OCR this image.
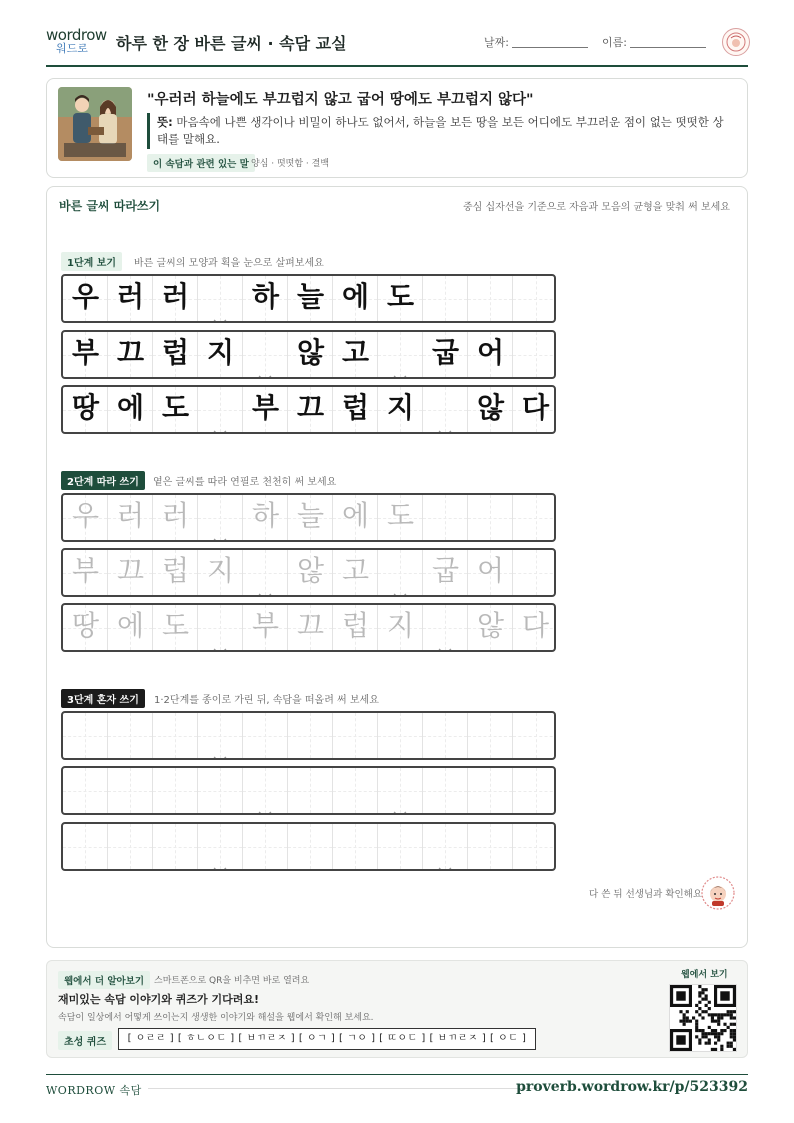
wordrow
워드로	하루 한 장 바른 글씨 · 속담 교실	날짜:	이름:
"우러러 하늘에도 부끄럽지 않고 굽어 땅에도 부끄럽지 않다"
뜻: 마음속에 나쁜 생각이나 비밀이 하나도 없어서, 하늘을 보든 땅을 보든 어디에도 부끄러운 점이 없는 떳떳한 상태를 말해요.
이 속담과 관련 있는 말 양심 · 떳떳함 · 결백
바른 글씨 따라쓰기	중심 십자선을 기준으로 자음과 모음의 균형을 맞춰 써 보세요
1단계 보기	바른 글씨의 모양과 획을 눈으로 살펴보세요
2단계 따라 쓰기	옅은 글씨를 따라 연필로 천천히 써 보세요
3단계 혼자 쓰기	1·2단계를 종이로 가린 뒤, 속담을 떠올려 써 보세요
우 러 러	하 늘 에 도
부 끄 럽 지	않 고	굽 어
땅 에 도	부 끄 럽 지	않 다
우 러 러	하 늘 에 도
부 끄 럽 지	않 고	굽 어
땅 에 도	부 끄 럽 지	않 다
다 쓴 뒤 선생님과 확인해요
웹에서 더 알아보기	스마트폰으로 QR을 비추면 바로 열려요
재미있는 속담 이야기와 퀴즈가 기다려요!
속담이 일상에서 어떻게 쓰이는지 생생한 이야기와 해설을 웹에서 확인해 보세요.
초성 퀴즈	[ ㅇㄹㄹ ] [ ㅎㄴㅇㄷ ] [ ㅂㄲㄹㅈ ] [ ㅇㄱ ] [ ㄱㅇ ] [ ㄸㅇㄷ ] [ ㅂㄲㄹㅈ ] [ ㅇㄷ ]
웹에서 보기
WORDROW 속담	proverb.wordrow.kr/p/523392
